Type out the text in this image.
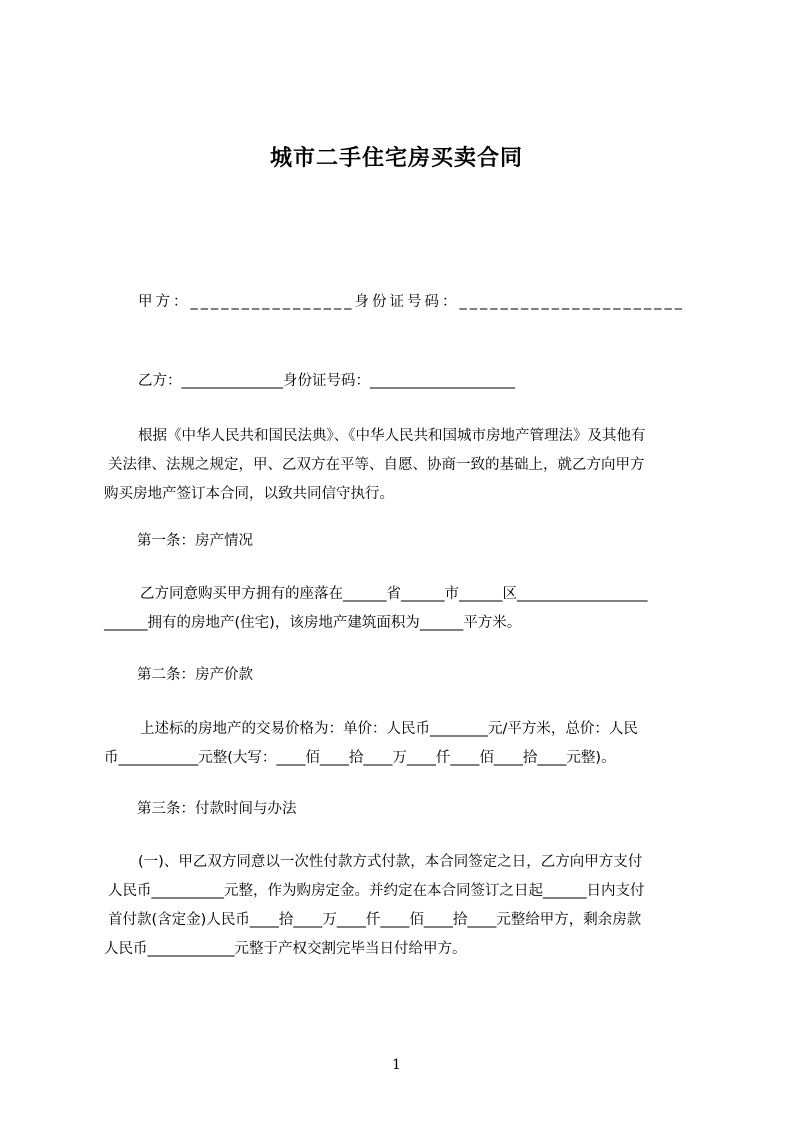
城市二手住宅房买卖合同
甲方：________________身份证号码：______________________
乙方：______________身份证号码：____________________
根据《中华人民共和国民法典》、《中华人民共和国城市房地产管理法》及其他有
关法律、法规之规定，甲、乙双方在平等、自愿、协商一致的基础上，就乙方向甲方
购买房地产签订本合同，以致共同信守执行。
第一条：房产情况
乙方同意购买甲方拥有的座落在______省______市______区__________________
______拥有的房地产(住宅)，该房地产建筑面积为______平方米。
第二条：房产价款
上述标的房地产的交易价格为：单价：人民币________元/平方米，总价：人民
币___________元整(大写：____佰____拾____万____仟____佰____拾____元整)。
第三条：付款时间与办法
(一)、甲乙双方同意以一次性付款方式付款，本合同签定之日，乙方向甲方支付
人民币__________元整，作为购房定金。并约定在本合同签订之日起______日内支付
首付款(含定金)人民币____拾____万____仟____佰____拾____元整给甲方，剩余房款
人民币____________元整于产权交割完毕当日付给甲方。
1
